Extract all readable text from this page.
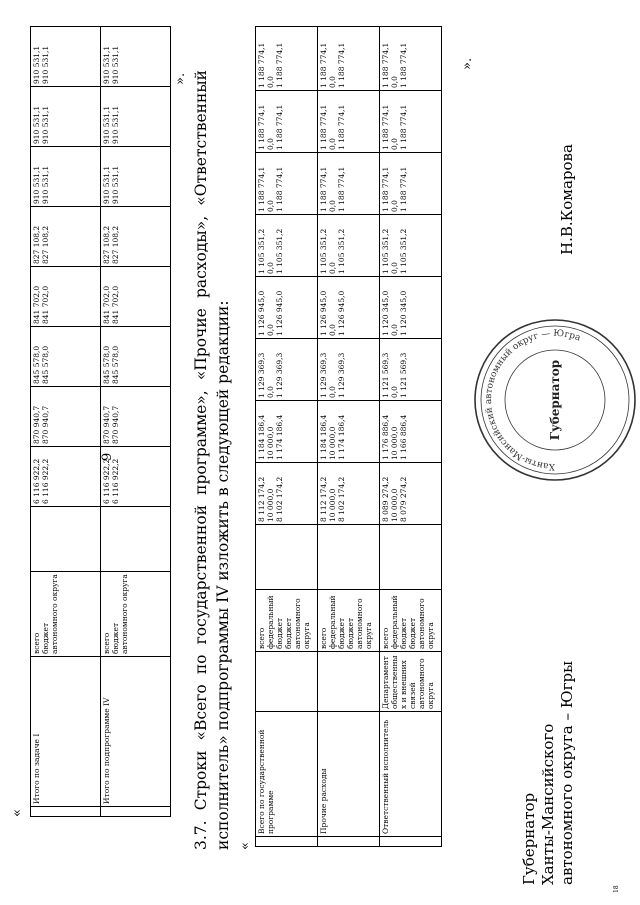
«
9
	Итого по задаче I	всего
бюджет автономного округа		6 116 922,2
6 116 922,2	870 940,7
870 940,7	845 578,0
845 578,0	841 702,0
841 702,0	827 108,2
827 108,2	910 531,1
910 531,1	910 531,1
910 531,1	910 531,1
910 531,1
	Итого по подпрограмме IV	всего
бюджет автономного округа		6 116 922,2
6 116 922,2	870 940,7
870 940,7	845 578,0
845 578,0	841 702,0
841 702,0	827 108,2
827 108,2	910 531,1
910 531,1	910 531,1
910 531,1	910 531,1
910 531,1
». 3.7. Строки «Всего по государственной программе», «Прочие расходы», «Ответственный исполнитель» подпрограммы IV изложить в следующей редакции: «
	Всего по государственной программе		всего
федеральный бюджет
бюджет автономного округа		8 112 174,2
10 000,0
8 102 174,2	1 184 186,4
10 000,0
1 174 186,4	1 129 369,3
0,0
1 129 369,3	1 126 945,0
0,0
1 126 945,0	1 105 351,2
0,0
1 105 351,2	1 188 774,1
0,0
1 188 774,1	1 188 774,1
0,0
1 188 774,1	1 188 774,1
0,0
1 188 774,1
	Прочие расходы		всего
федеральный бюджет
бюджет автономного округа		8 112 174,2
10 000,0
8 102 174,2	1 184 186,4
10 000,0
1 174 186,4	1 129 369,3
0,0
1 129 369,3	1 126 945,0
0,0
1 126 945,0	1 105 351,2
0,0
1 105 351,2	1 188 774,1
0,0
1 188 774,1	1 188 774,1
0,0
1 188 774,1	1 188 774,1
0,0
1 188 774,1
	Ответственный исполнитель	Департамент общественных и внешних связей автономного округа	всего
федеральный бюджет
бюджет автономного округа		8 089 274,2
10 000,0
8 079 274,2	1 176 886,4
10 000,0
1 166 886,4	1 121 569,3
0,0
1 121 569,3	1 120 345,0
0,0
1 120 345,0	1 105 351,2
0,0
1 105 351,2	1 188 774,1
0,0
1 188 774,1	1 188 774,1
0,0
1 188 774,1	1 188 774,1
0,0
1 188 774,1	».
Губернатор
Ханты-Мансийского
автономного округа – Югры
Н.В.Комарова
Ханты-Мансийский автономный округ — Югра
Губернатор
18
